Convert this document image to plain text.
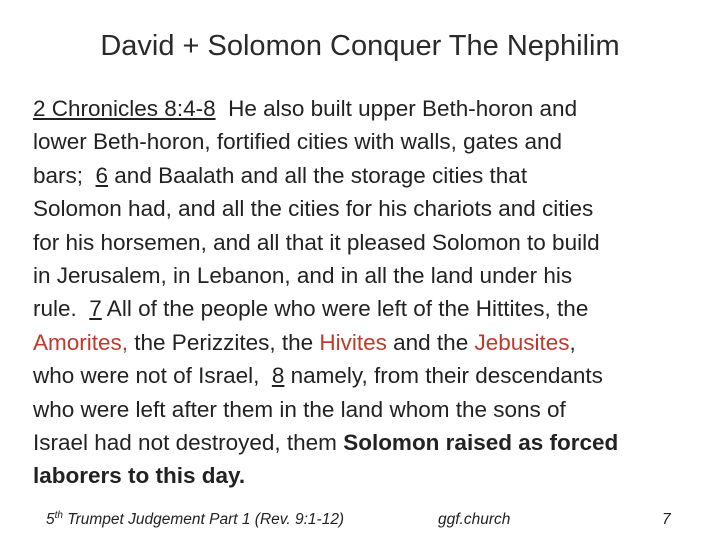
David + Solomon Conquer The Nephilim
2 Chronicles 8:4-8  He also built upper Beth-horon and
lower Beth-horon, fortified cities with walls, gates and
bars;  6 and Baalath and all the storage cities that
Solomon had, and all the cities for his chariots and cities
for his horsemen, and all that it pleased Solomon to build
in Jerusalem, in Lebanon, and in all the land under his
rule.  7 All of the people who were left of the Hittites, the
Amorites, the Perizzites, the Hivites and the Jebusites,
who were not of Israel,  8 namely, from their descendants
who were left after them in the land whom the sons of
Israel had not destroyed, them Solomon raised as forced
laborers to this day.
5th Trumpet Judgement Part 1 (Rev. 9:1-12)	ggf.church	7
